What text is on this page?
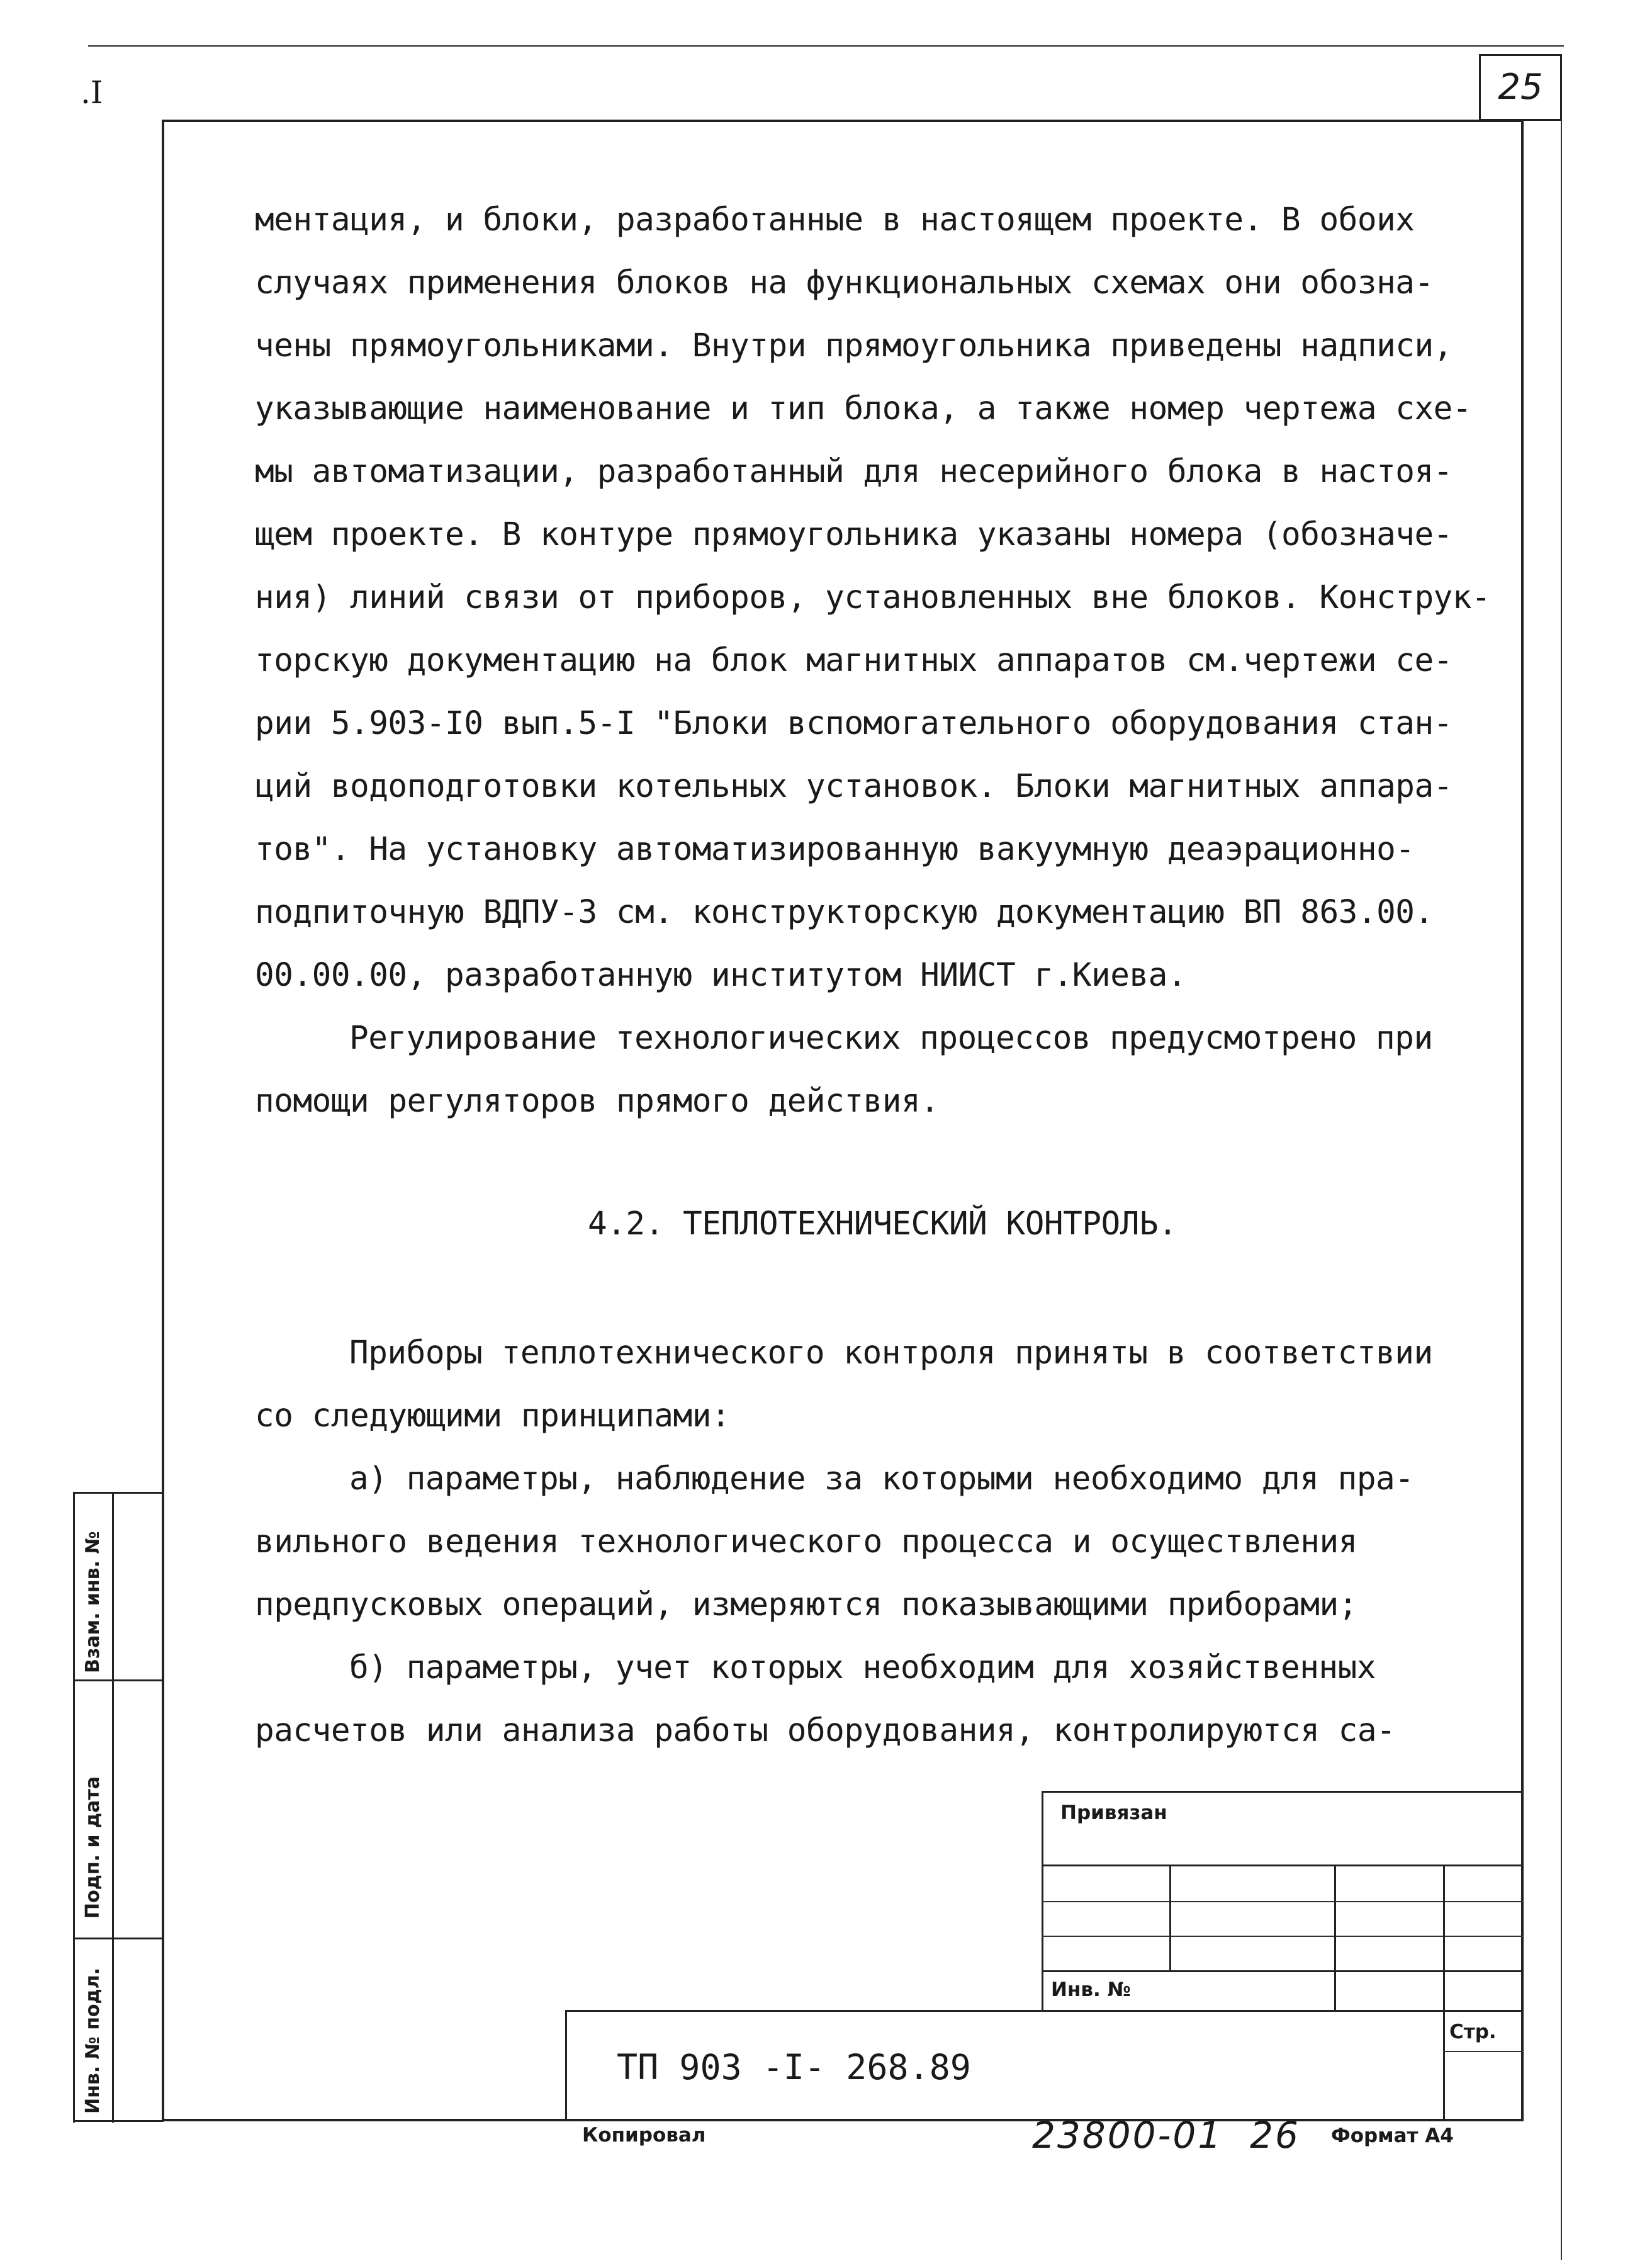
.I	25
ментация, и блоки, разработанные в настоящем проекте. В обоих
случаях применения блоков на функциональных схемах они обозна-
чены прямоугольниками. Внутри прямоугольника приведены надписи,
указывающие наименование и тип блока, а также номер чертежа схе-
мы автоматизации, разработанный для несерийного блока в настоя-
щем проекте. В контуре прямоугольника указаны номера (обозначе-
ния) линий связи от приборов, установленных вне блоков. Конструк-
торскую документацию на блок магнитных аппаратов см.чертежи се-
рии 5.903-I0 вып.5-I "Блоки вспомогательного оборудования стан-
ций водоподготовки котельных установок. Блоки магнитных аппара-
тов". На установку автоматизированную вакуумную деаэрационно-
подпиточную ВДПУ-3 см. конструкторскую документацию ВП 863.00.
00.00.00, разработанную институтом НИИСТ г.Киева.
Регулирование технологических процессов предусмотрено при
помощи регуляторов прямого действия.
4.2. ТЕПЛОТЕХНИЧЕСКИЙ КОНТРОЛЬ.
Приборы теплотехнического контроля приняты в соответствии
со следующими принципами:
а) параметры, наблюдение за которыми необходимо для пра-
вильного ведения технологического процесса и осуществления
предпусковых операций, измеряются показывающими приборами;
б) параметры, учет которых необходим для хозяйственных
расчетов или анализа работы оборудования, контролируются са-
Взам. инв. №
Подп. и дата
Инв. № подл.
Привязан
Инв. №
Стр.
ТП 903 -I- 268.89
Копировал	23800-01  26 Формат А4
